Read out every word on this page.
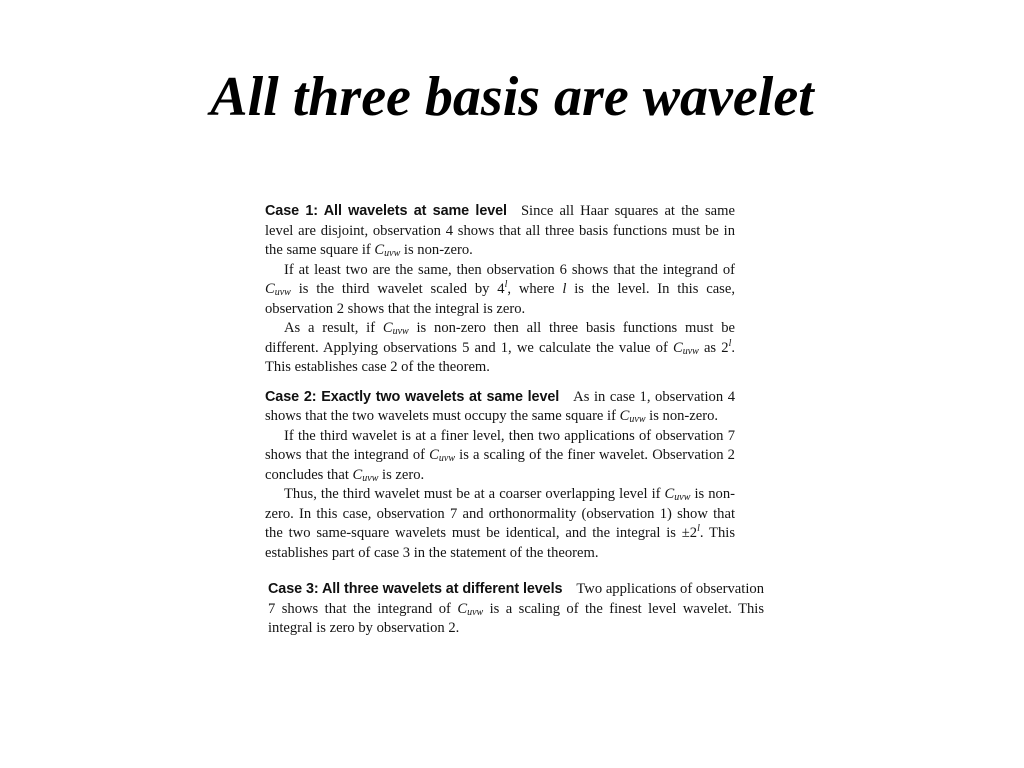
All three basis are wavelet

Case 1: All wavelets at same level Since all Haar squares at the same level are disjoint, observation 4 shows that all three basis functions must be in the same square if $C_{uvw}$ is non-zero.

If at least two are the same, then observation 6 shows that the integrand of $C_{uvw}$ is the third wavelet scaled by 4$^l$, where l is the level. In this case, observation 2 shows that the integral is zero.

As a result, if $C_{uvw}$ is non-zero then all three basis functions must be different. Applying observations 5 and 1, we calculate the value of $C_{uvw}$ as 2$^l$. This establishes case 2 of the theorem.

Case 2: Exactly two wavelets at same level As in case 1, observation 4 shows that the two wavelets must occupy the same square if $C_{uvw}$ is non-zero.

If the third wavelet is at a finer level, then two applications of observation 7 shows that the integrand of $C_{uvw}$ is a scaling of the finer wavelet. Observation 2 concludes that $C_{uvw}$ is zero.

Thus, the third wavelet must be at a coarser overlapping level if $C_{uvw}$ is non-zero. In this case, observation 7 and orthonormality (observation 1) show that the two same-square wavelets must be identical, and the integral is $\pm 2^l$. This establishes part of case 3 in the statement of the theorem.

Case 3: All three wavelets at different levels Two applications of observation 7 shows that the integrand of $C_{uvw}$ is a scaling of the finest level wavelet. This integral is zero by observation 2.
